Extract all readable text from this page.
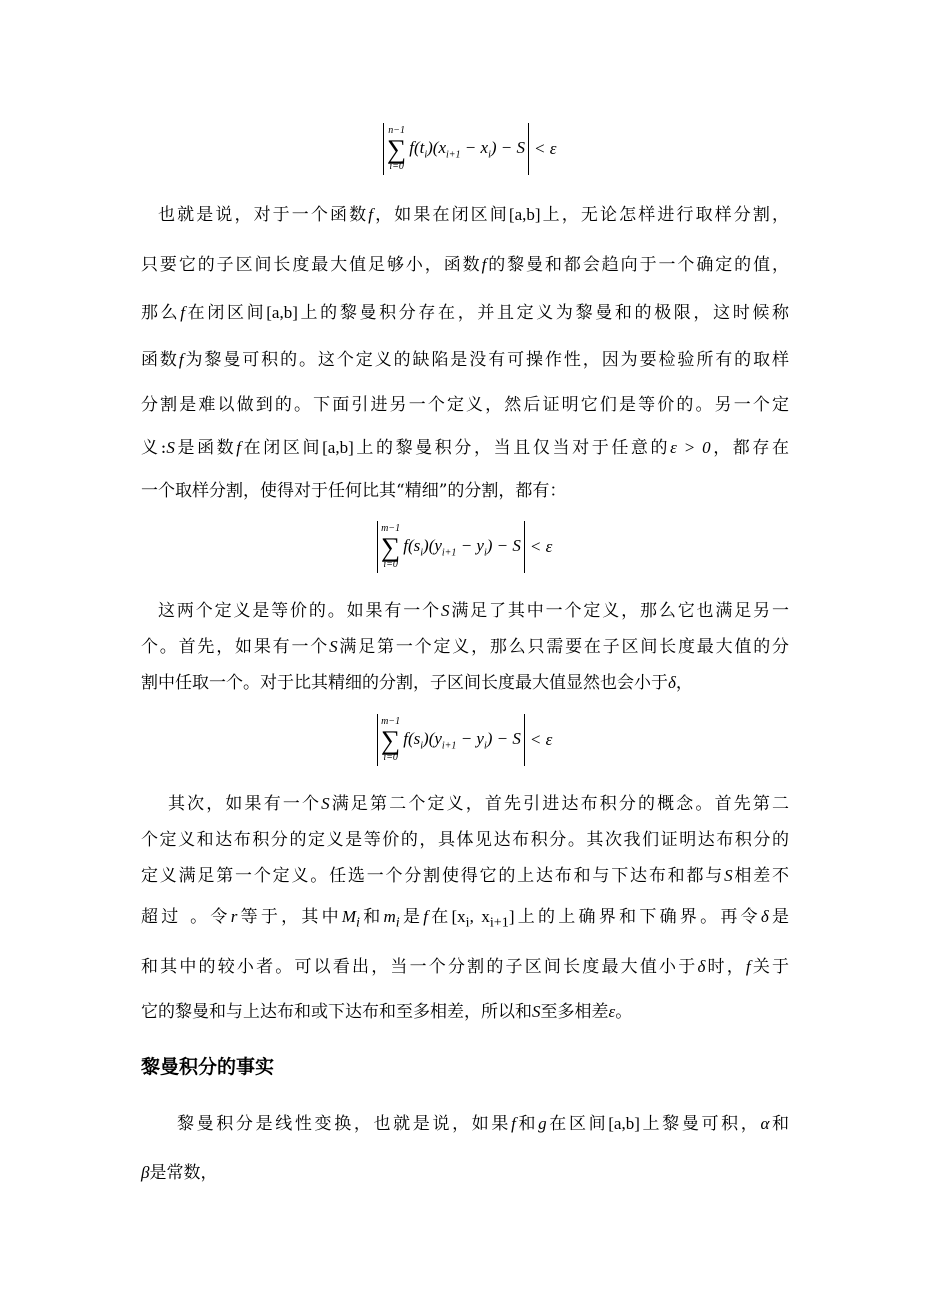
n−1
∑
i=0
$f(t_i)(x_{i+1} - x_i) - S < \varepsilon$
也就是说，对于一个函数f，如果在闭区间[a,b]上，无论怎样进行取样分割，
只要它的子区间长度最大值足够小，函数f的黎曼和都会趋向于一个确定的值，
那么f在闭区间[a,b]上的黎曼积分存在，并且定义为黎曼和的极限，这时候称
函数f为黎曼可积的。这个定义的缺陷是没有可操作性，因为要检验所有的取样
分割是难以做到的。下面引进另一个定义，然后证明它们是等价的。另一个定
义:S是函数f在闭区间[a,b]上的黎曼积分，当且仅当对于任意的ε > 0，都存在
一个取样分割，使得对于任何比其“精细”的分割，都有：
m−1
∑
i=0
$f(s_i)(y_{i+1} - y_i) - S < \varepsilon$
这两个定义是等价的。如果有一个S满足了其中一个定义，那么它也满足另一
个。首先，如果有一个S满足第一个定义，那么只需要在子区间长度最大值的分
割中任取一个。对于比其精细的分割，子区间长度最大值显然也会小于δ，
m−1
∑
i=0
$f(s_i)(y_{i+1} - y_i) - S < \varepsilon$
其次，如果有一个S满足第二个定义，首先引进达布积分的概念。首先第二
个定义和达布积分的定义是等价的，具体见达布积分。其次我们证明达布积分的
定义满足第一个定义。任选一个分割使得它的上达布和与下达布和都与S相差不
超过 。令r等于，其中$M_i$和$m_i$是f在[$x_i$, $x_{i+1}$]上的上确界和下确界。再令δ是
和其中的较小者。可以看出，当一个分割的子区间长度最大值小于δ时，f关于
它的黎曼和与上达布和或下达布和至多相差，所以和S至多相差ε。
黎曼积分的事实
黎曼积分是线性变换，也就是说，如果f和g在区间[a,b]上黎曼可积，α和
β是常数，
